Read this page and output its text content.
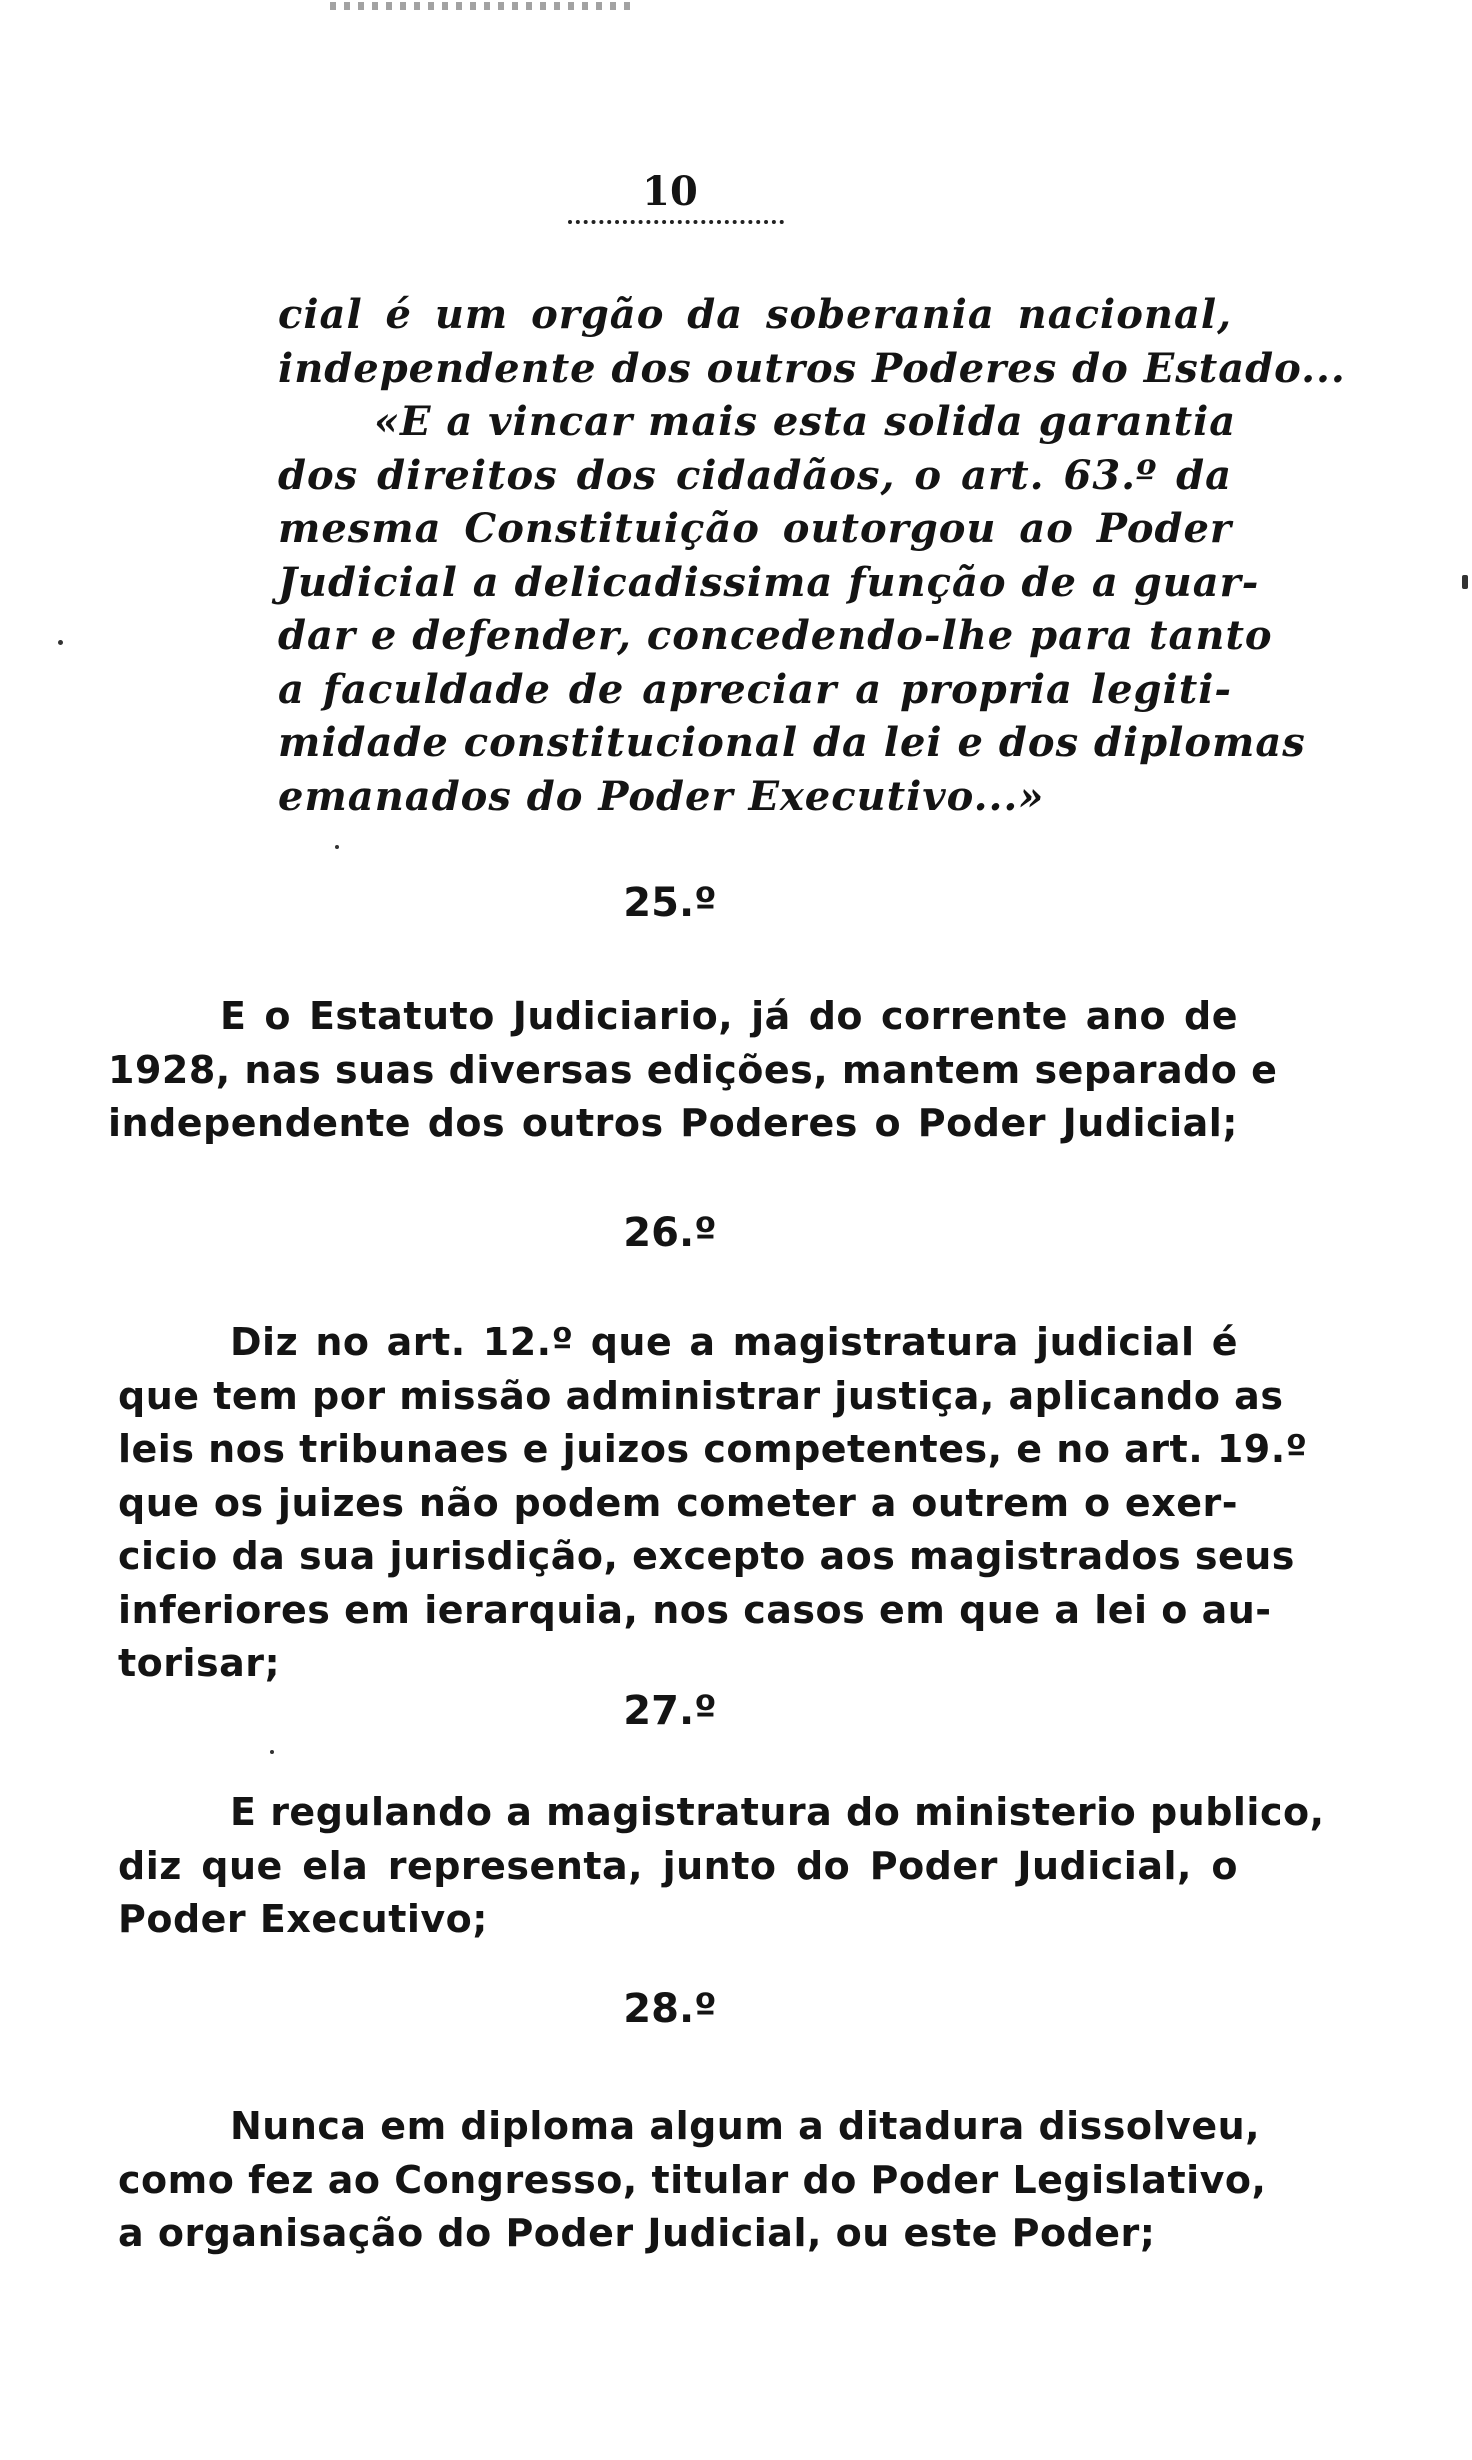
10
cial é um orgão da soberania nacional,
independente dos outros Poderes do Estado...
«E a vincar mais esta solida garantia
dos direitos dos cidadãos, o art. 63.º da
mesma Constituição outorgou ao Poder
Judicial a delicadissima função de a guar-
dar e defender, concedendo-lhe para tanto
a faculdade de apreciar a propria legiti-
midade constitucional da lei e dos diplomas
emanados do Poder Executivo...»
25.º
E o Estatuto Judiciario, já do corrente ano de
1928, nas suas diversas edições, mantem separado e
independente dos outros Poderes o Poder Judicial;
26.º
Diz no art. 12.º que a magistratura judicial é
que tem por missão administrar justiça, aplicando as
leis nos tribunaes e juizos competentes, e no art. 19.º
que os juizes não podem cometer a outrem o exer-
cicio da sua jurisdição, excepto aos magistrados seus
inferiores em ierarquia, nos casos em que a lei o au-
torisar;
27.º
E regulando a magistratura do ministerio publico,
diz que ela representa, junto do Poder Judicial, o
Poder Executivo;
28.º
Nunca em diploma algum a ditadura dissolveu,
como fez ao Congresso, titular do Poder Legislativo,
a organisação do Poder Judicial, ou este Poder;
